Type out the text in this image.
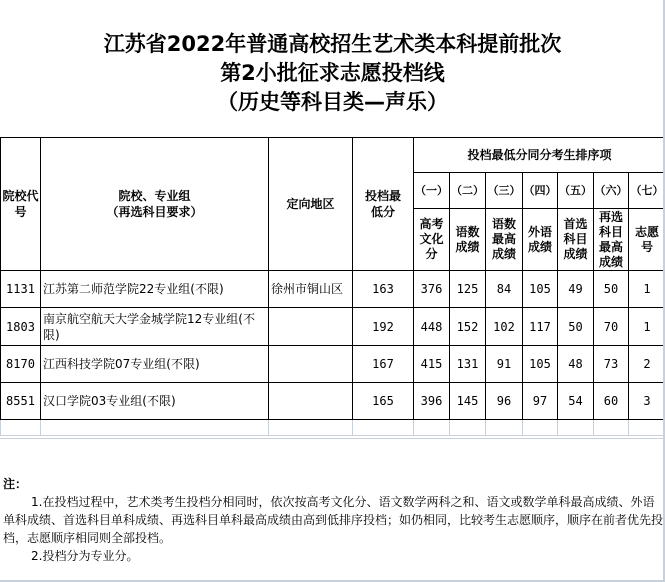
江苏省2022年普通高校招生艺术类本科提前批次
第2小批征求志愿投档线
（历史等科目类—声乐）
院校代号	院校、专业组
（再选科目要求）	定向地区	投档最低分	投档最低分同分考生排序项						
				（一）	（二）	（三）	（四）	（五）	（六）	（七）
				高考文化分	语数成绩	语数最高成绩	外语成绩	首选科目成绩	再选科目最高成绩	志愿号
1131	江苏第二师范学院22专业组(不限)	徐州市铜山区	163	376	125	84	105	49	50	1
1803	南京航空航天大学金城学院12专业组(不限)		192	448	152	102	117	50	70	1
8170	江西科技学院07专业组(不限)		167	415	131	91	105	48	73	2
8551	汉口学院03专业组(不限)		165	396	145	96	97	54	60	3

注：
1.在投档过程中，艺术类考生投档分相同时，依次按高考文化分、语文数学两科之和、语文或数学单科最高成绩、外语单科成绩、首选科目单科成绩、再选科目单科最高成绩由高到低排序投档；如仍相同，比较考生志愿顺序，顺序在前者优先投档，志愿顺序相同则全部投档。
2.投档分为专业分。
